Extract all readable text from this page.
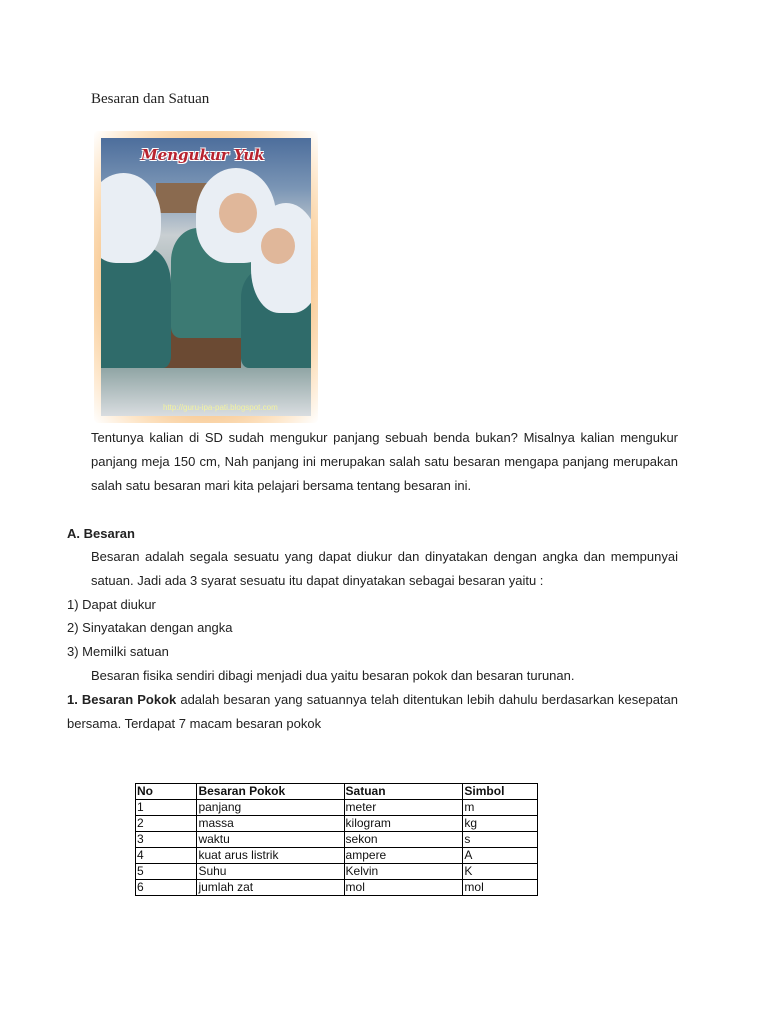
Besaran dan Satuan
Mengukur Yuk
http://guru-ipa-pati.blogspot.com

Tentunya kalian di SD sudah mengukur panjang sebuah benda bukan? Misalnya kalian mengukur panjang meja 150 cm, Nah panjang ini merupakan salah satu besaran mengapa panjang merupakan salah satu besaran mari kita pelajari bersama tentang besaran ini.

A. Besaran

Besaran adalah segala sesuatu yang dapat diukur dan dinyatakan dengan angka dan mempunyai satuan. Jadi ada 3 syarat sesuatu itu dapat dinyatakan sebagai besaran yaitu :

1) Dapat diukur
2) Sinyatakan dengan angka
3) Memilki satuan
Besaran fisika sendiri dibagi menjadi dua yaitu besaran pokok dan besaran turunan.

1. Besaran Pokok adalah besaran yang satuannya telah ditentukan lebih dahulu berdasarkan kesepatan bersama. Terdapat 7 macam besaran pokok

No	Besaran Pokok	Satuan	Simbol
1	panjang	meter	m
2	massa	kilogram	kg
3	waktu	sekon	s
4	kuat arus listrik	ampere	A
5	Suhu	Kelvin	K
6	jumlah zat	mol	mol
